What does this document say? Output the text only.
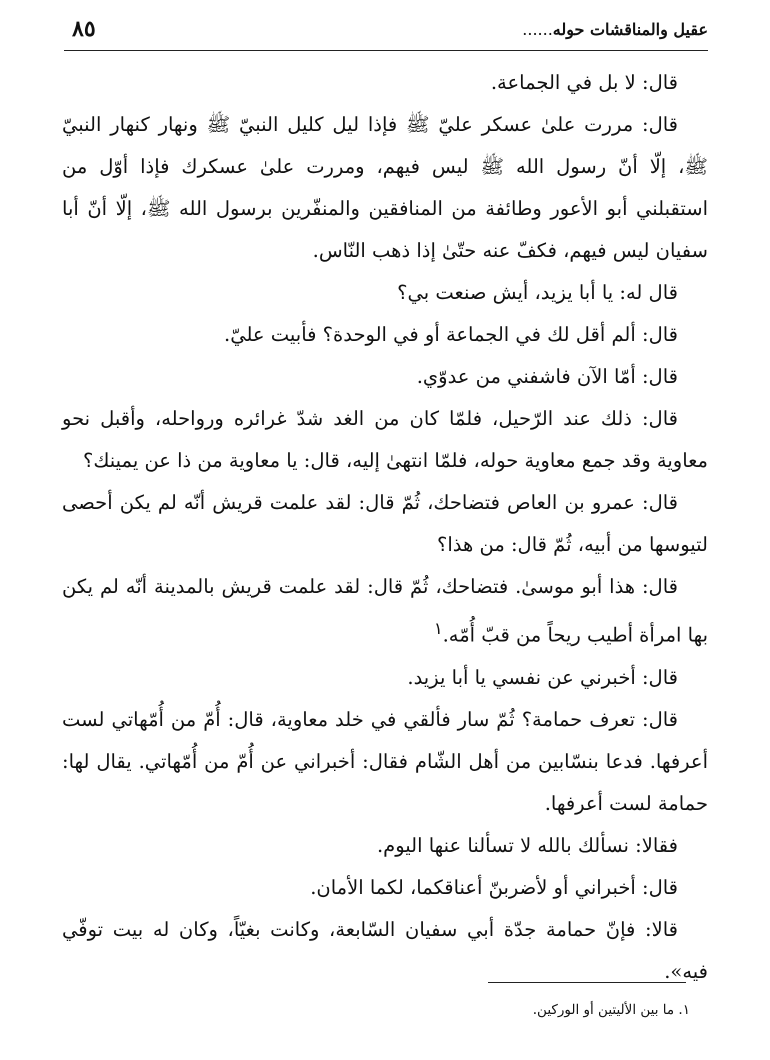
عقيل والمناقشات حوله......
٨٥

قال: لا بل في الجماعة.

قال: مررت علىٰ عسكر عليّ ﷺ فإذا ليل كليل النبيّ ﷺ ونهار كنهار النبيّ ﷺ، إلّا أنّ رسول الله ﷺ ليس فيهم، ومررت علىٰ عسكرك فإذا أوّل من استقبلني أبو الأعور وطائفة من المنافقين والمنفّرين برسول الله ﷺ، إلّا أنّ أبا سفيان ليس فيهم، فكفّ عنه حتّىٰ إذا ذهب النّاس.

قال له: يا أبا يزيد، أيش صنعت بي؟

قال: ألم أقل لك في الجماعة أو في الوحدة؟ فأبيت عليّ.

قال: أمّا الآن فاشفني من عدوّي.

قال: ذلك عند الرّحيل، فلمّا كان من الغد شدّ غرائره ورواحله، وأقبل نحو معاوية وقد جمع معاوية حوله، فلمّا انتهىٰ إليه، قال: يا معاوية من ذا عن يمينك؟

قال: عمرو بن العاص فتضاحك، ثُمّ قال: لقد علمت قريش أنّه لم يكن أحصى لتيوسها من أبيه، ثُمّ قال: من هذا؟

قال: هذا أبو موسىٰ. فتضاحك، ثُمّ قال: لقد علمت قريش بالمدينة أنّه لم يكن بها امرأة أطيب ريحاً من قبّ أُمّه.$^١$

قال: أخبرني عن نفسي يا أبا يزيد.

قال: تعرف حمامة؟ ثُمّ سار فألقي في خلد معاوية، قال: أُمّ من أُمّهاتي لست أعرفها. فدعا بنسّابين من أهل الشّام فقال: أخبراني عن أُمّ من أُمّهاتي. يقال لها: حمامة لست أعرفها.

فقالا: نسألك بالله لا تسألنا عنها اليوم.

قال: أخبراني أو لأضربنّ أعناقكما، لكما الأمان.

قالا: فإنّ حمامة جدّة أبي سفيان السّابعة، وكانت بغيّاً، وكان له بيت توفّي فيه».

١. ما بين الأليتين أو الوركين.
